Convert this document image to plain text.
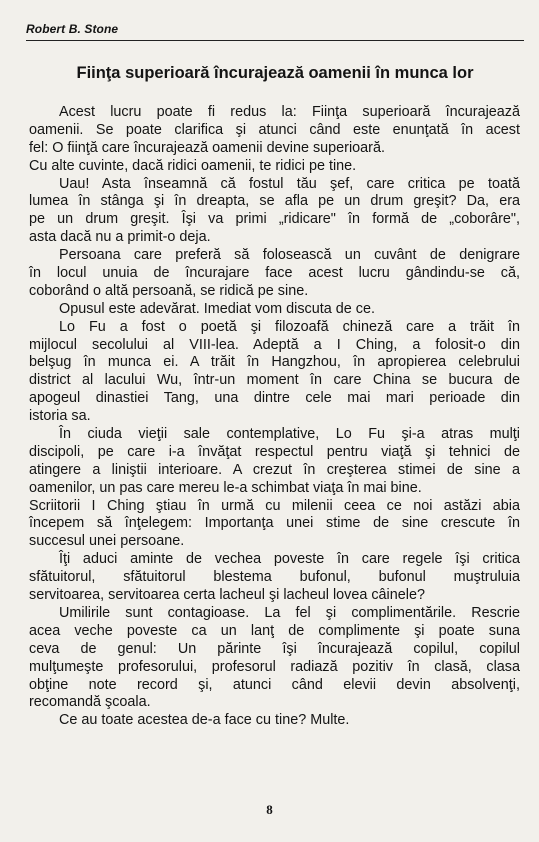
Robert B. Stone
Fiinţa superioară încurajează oamenii în munca lor
Acest lucru poate fi redus la: Fiinţa superioară încurajează
oamenii. Se poate clarifica şi atunci când este enunţată în acest
fel: O fiinţă care încurajează oamenii devine superioară.
Cu alte cuvinte, dacă ridici oamenii, te ridici pe tine.
Uau! Asta înseamnă că fostul tău şef, care critica pe toată
lumea în stânga şi în dreapta, se afla pe un drum greşit? Da, era
pe un drum greşit. Îşi va primi „ridicare" în formă de „coborâre",
asta dacă nu a primit-o deja.
Persoana care preferă să folosească un cuvânt de denigrare
în locul unuia de încurajare face acest lucru gândindu-se că,
coborând o altă persoană, se ridică pe sine.
Opusul este adevărat. Imediat vom discuta de ce.
Lo Fu a fost o poetă şi filozoafă chineză care a trăit în
mijlocul secolului al VIII-lea. Adeptă a I Ching, a folosit-o din
belşug în munca ei. A trăit în Hangzhou, în apropierea celebrului
district al lacului Wu, într-un moment în care China se bucura de
apogeul dinastiei Tang, una dintre cele mai mari perioade din
istoria sa.
În ciuda vieţii sale contemplative, Lo Fu şi-a atras mulţi
discipoli, pe care i-a învăţat respectul pentru viaţă şi tehnici de
atingere a liniştii interioare. A crezut în creşterea stimei de sine a
oamenilor, un pas care mereu le-a schimbat viaţa în mai bine.
Scriitorii I Ching ştiau în urmă cu milenii ceea ce noi astăzi abia
începem să înţelegem: Importanţa unei stime de sine crescute în
succesul unei persoane.
Îţi aduci aminte de vechea poveste în care regele îşi critica
sfătuitorul, sfătuitorul blestema bufonul, bufonul muştruluia
servitoarea, servitoarea certa lacheul şi lacheul lovea câinele?
Umilirile sunt contagioase. La fel şi complimentările. Rescrie
acea veche poveste ca un lanţ de complimente şi poate suna
ceva de genul: Un părinte îşi încurajează copilul, copilul
mulţumeşte profesorului, profesorul radiază pozitiv în clasă, clasa
obţine note record şi, atunci când elevii devin absolvenţi,
recomandă şcoala.
Ce au toate acestea de-a face cu tine? Multe.
8
